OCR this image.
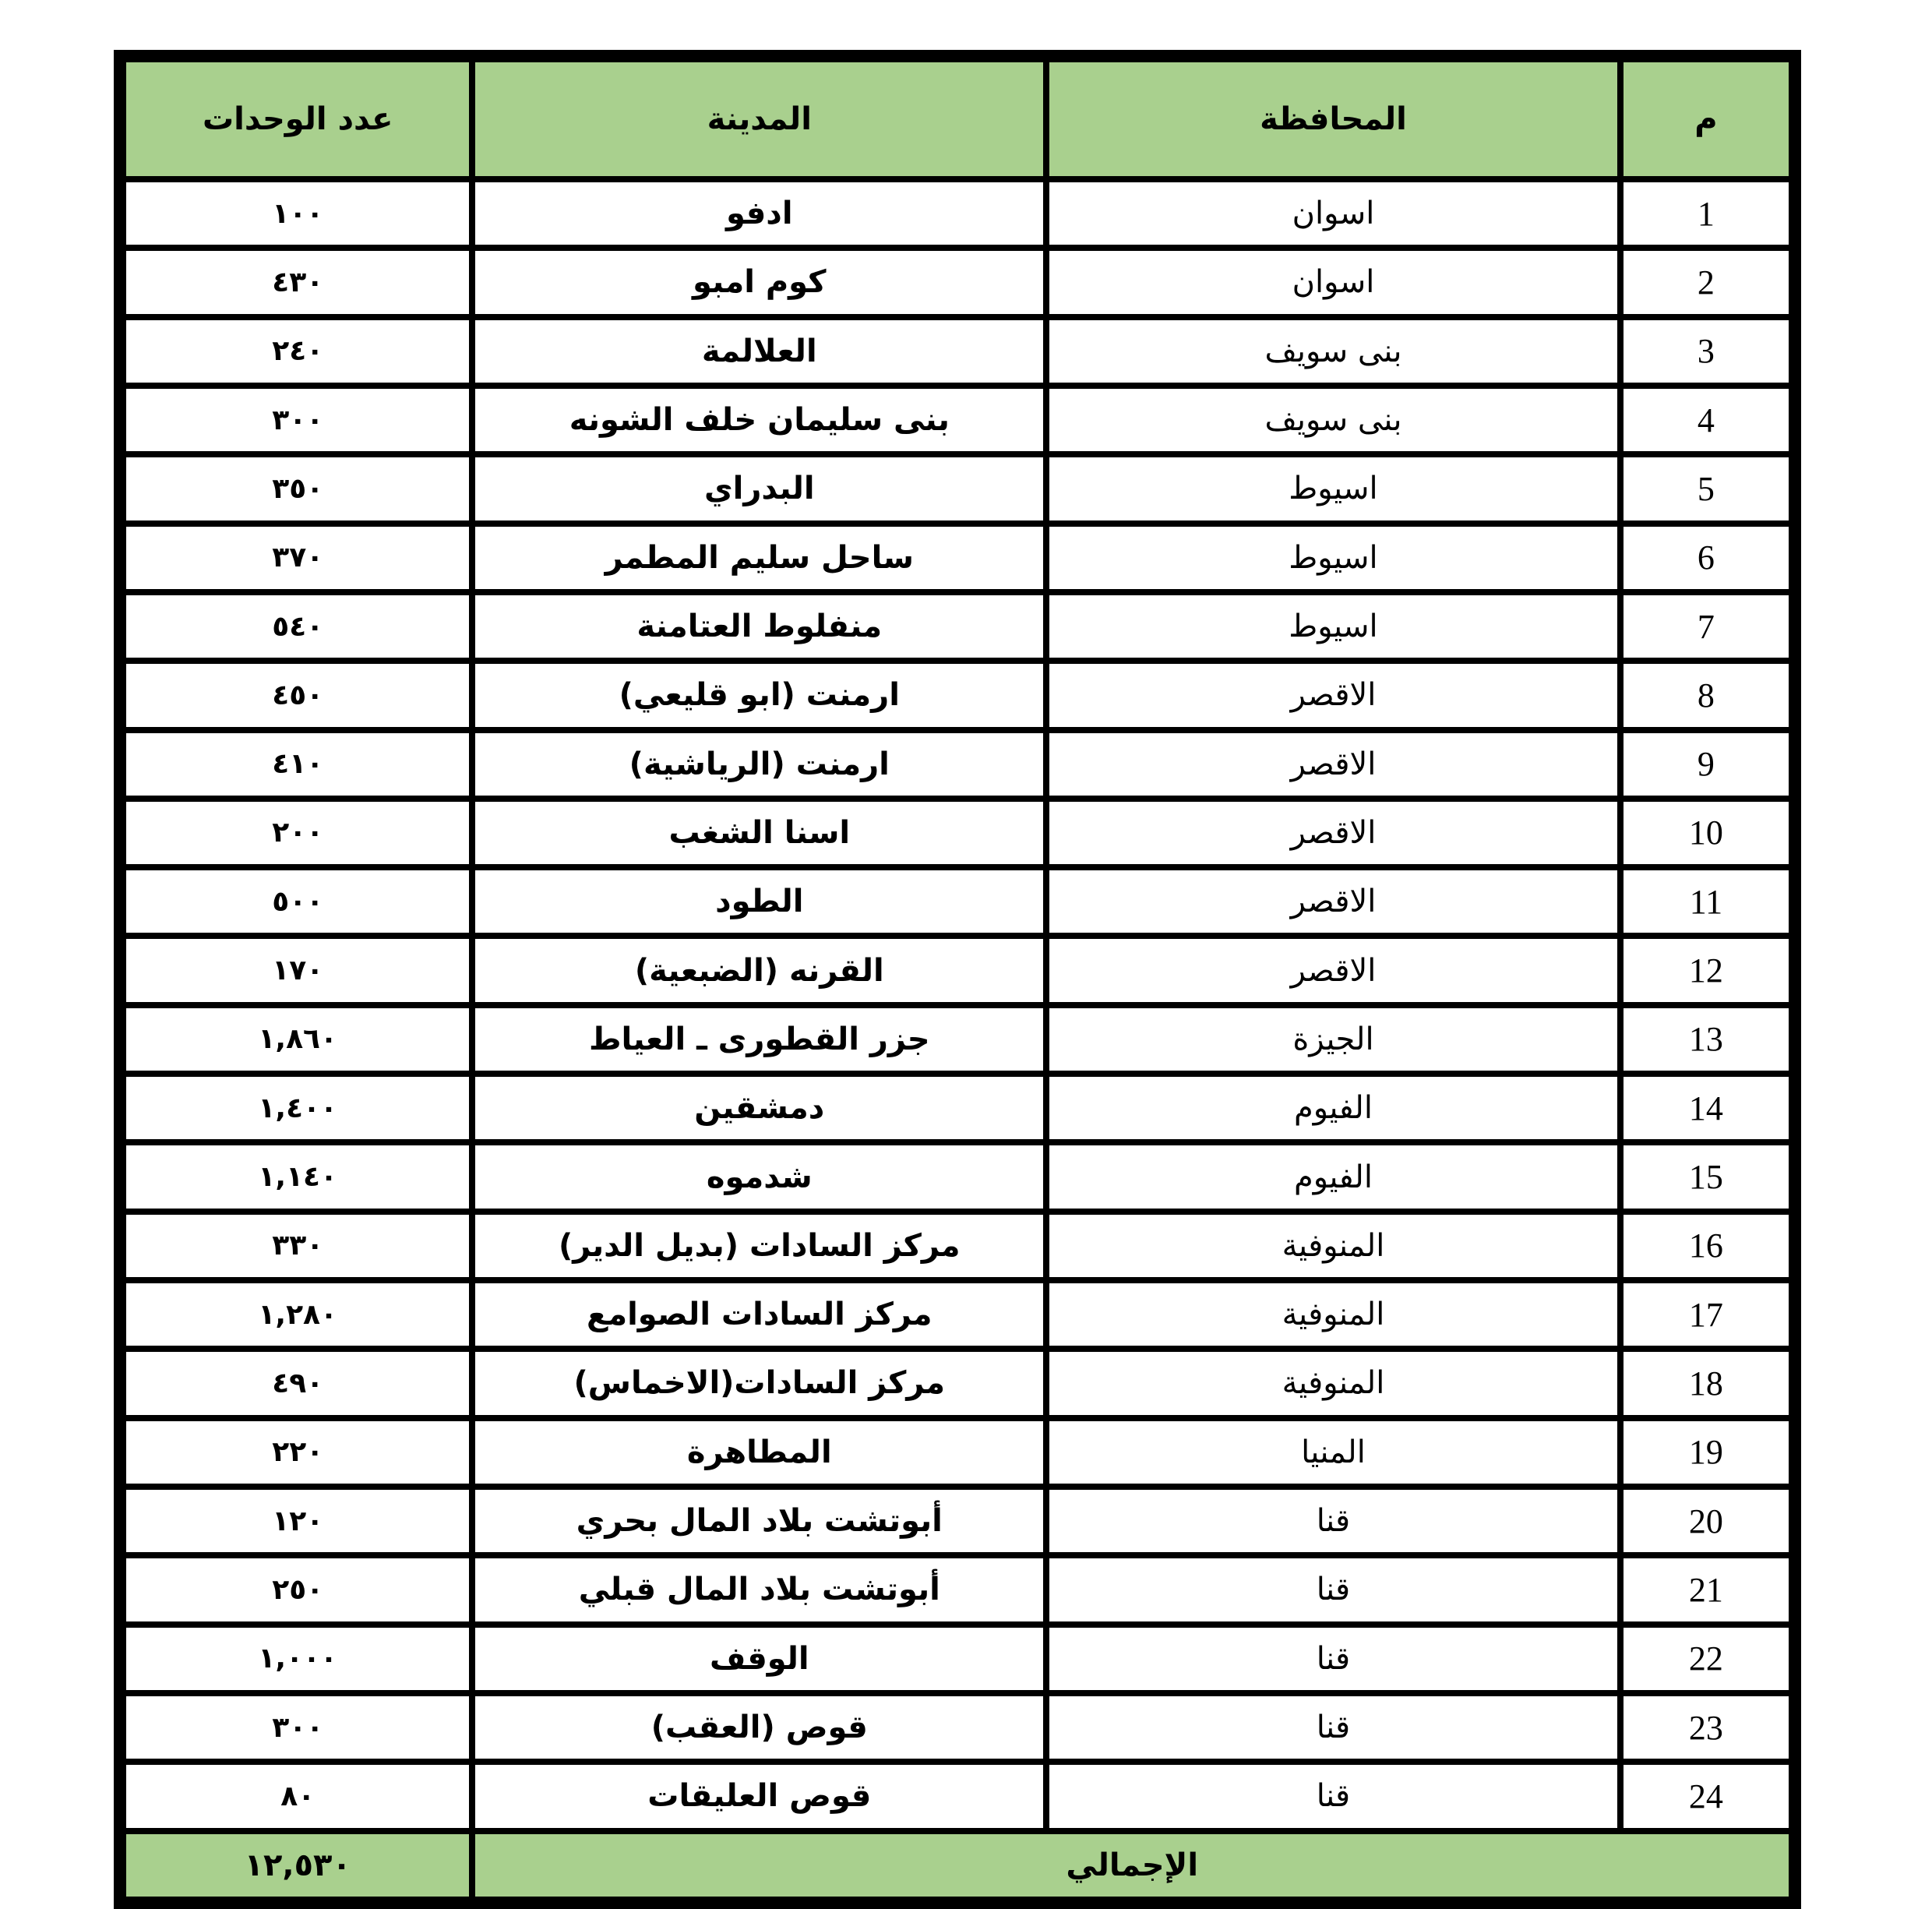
م	المحافظة	المدينة	عدد الوحدات
1	اسوان	ادفو	١٠٠
2	اسوان	كوم امبو	٤٣٠
3	بنى سويف	العلالمة	٢٤٠
4	بنى سويف	بنى سليمان خلف الشونه	٣٠٠
5	اسيوط	البدراي	٣٥٠
6	اسيوط	ساحل سليم المطمر	٣٧٠
7	اسيوط	منفلوط العتامنة	٥٤٠
8	الاقصر	ارمنت (ابو قليعي)	٤٥٠
9	الاقصر	ارمنت (الرياشية)	٤١٠
10	الاقصر	اسنا الشغب	٢٠٠
11	الاقصر	الطود	٥٠٠
12	الاقصر	القرنه (الضبعية)	١٧٠
13	الجيزة	جزر القطورى ـ العياط	١,٨٦٠
14	الفيوم	دمشقين	١,٤٠٠
15	الفيوم	شدموه	١,١٤٠
16	المنوفية	مركز السادات (بديل الدير)	٣٣٠
17	المنوفية	مركز السادات الصوامع	١,٢٨٠
18	المنوفية	مركز السادات(الاخماس)	٤٩٠
19	المنيا	المطاهرة	٢٢٠
20	قنا	أبوتشت بلاد المال بحري	١٢٠
21	قنا	أبوتشت بلاد المال قبلي	٢٥٠
22	قنا	الوقف	١,٠٠٠
23	قنا	قوص (العقب)	٣٠٠
24	قنا	قوص العليقات	٨٠
الإجمالي			١٢,٥٣٠
